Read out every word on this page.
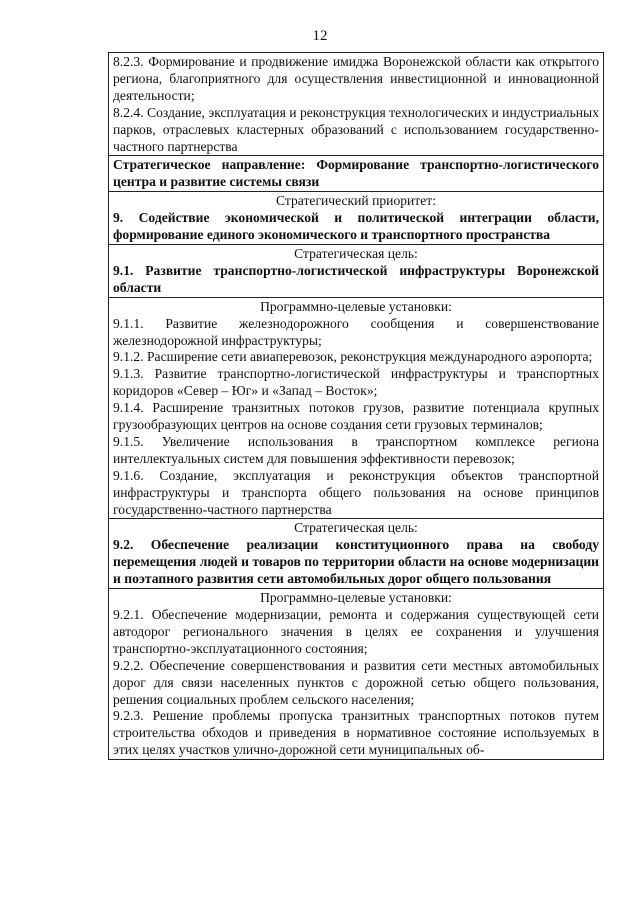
12

8.2.3. Формирование и продвижение имиджа Воронежской области как открытого региона, благоприятного для осуществления инвестиционной и инновационной деятельности;

8.2.4. Создание, эксплуатация и реконструкция технологических и индустриальных парков, отраслевых кластерных образований с использованием государственно-частного партнерства

Стратегическое направление: Формирование транспортно-логистического центра и развитие системы связи

Стратегический приоритет:

9. Содействие экономической и политической интеграции области, формирование единого экономического и транспортного пространства

Стратегическая цель:

9.1. Развитие транспортно-логистической инфраструктуры Воронежской области

Программно-целевые установки:

9.1.1. Развитие железнодорожного сообщения и совершенствование железнодорожной инфраструктуры;

9.1.2. Расширение сети авиаперевозок, реконструкция международного аэропорта;

9.1.3. Развитие транспортно-логистической инфраструктуры и транспортных коридоров «Север – Юг» и «Запад – Восток»;

9.1.4. Расширение транзитных потоков грузов, развитие потенциала крупных грузообразующих центров на основе создания сети грузовых терминалов;

9.1.5. Увеличение использования в транспортном комплексе региона интеллектуальных систем для повышения эффективности перевозок;

9.1.6. Создание, эксплуатация и реконструкция объектов транспортной инфраструктуры и транспорта общего пользования на основе принципов государственно-частного партнерства

Стратегическая цель:

9.2. Обеспечение реализации конституционного права на свободу перемещения людей и товаров по территории области на основе модернизации и поэтапного развития сети автомобильных дорог общего пользования

Программно-целевые установки:

9.2.1. Обеспечение модернизации, ремонта и содержания существующей сети автодорог регионального значения в целях ее сохранения и улучшения транспортно-эксплуатационного состояния;

9.2.2. Обеспечение совершенствования и развития сети местных автомобильных дорог для связи населенных пунктов с дорожной сетью общего пользования, решения социальных проблем сельского населения;

9.2.3. Решение проблемы пропуска транзитных транспортных потоков путем строительства обходов и приведения в нормативное состояние используемых в этих целях участков улично-дорожной сети муниципальных об-
